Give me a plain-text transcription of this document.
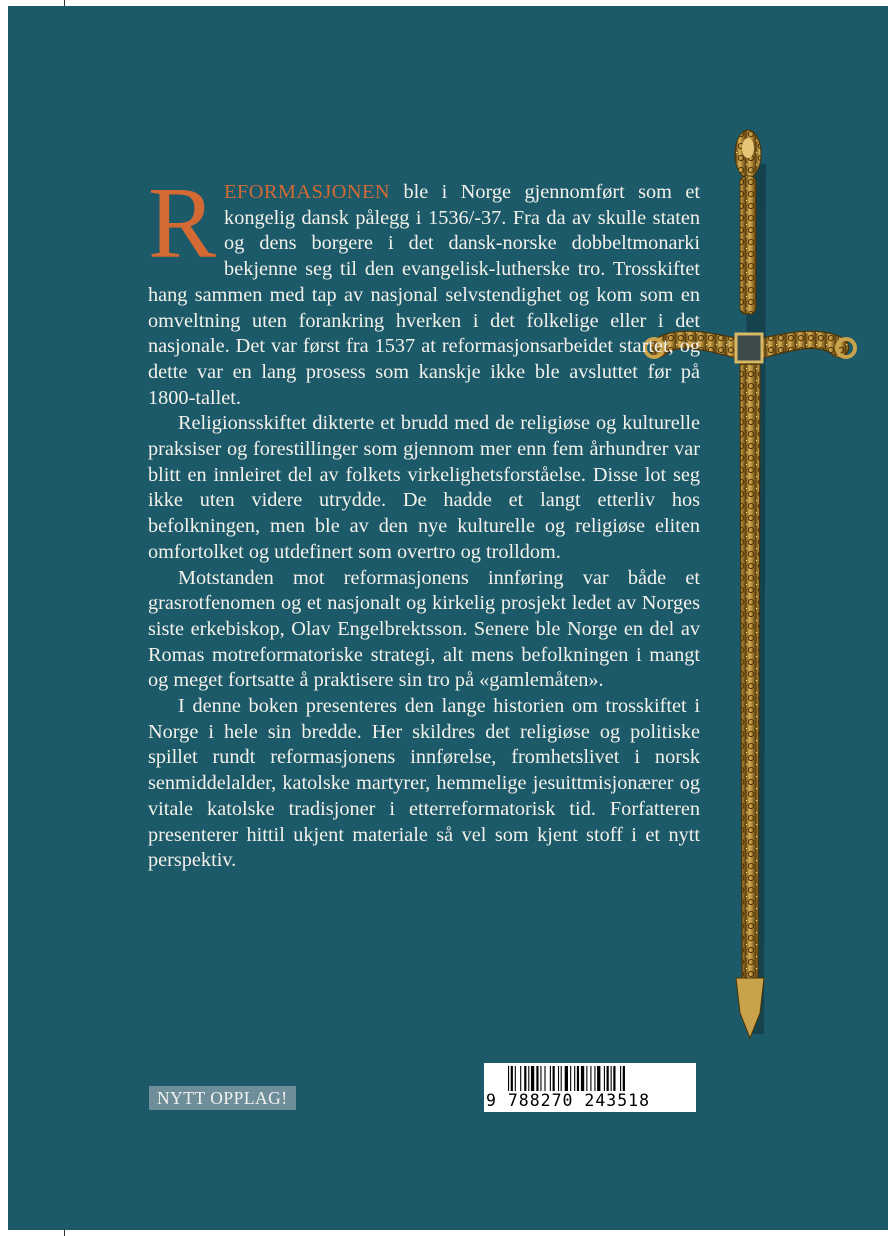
REFORMASJONEN ble i Norge gjennomført som et kongelig dansk pålegg i 1536/-37. Fra da av skulle staten og dens borgere i det dansk-norske dobbeltmonarki bekjenne seg til den evangelisk-lutherske tro. Trosskiftet hang sammen med tap av nasjonal selvstendighet og kom som en omveltning uten forankring hverken i det folkelige eller i det nasjonale. Det var først fra 1537 at reformasjonsarbeidet startet, og dette var en lang prosess som kanskje ikke ble avsluttet før på 1800-tallet.

Religionsskiftet dikterte et brudd med de religiøse og kulturelle praksiser og forestillinger som gjennom mer enn fem århundrer var blitt en innleiret del av folkets virkelighetsforståelse. Disse lot seg ikke uten videre utrydde. De hadde et langt etterliv hos befolkningen, men ble av den nye kulturelle og religiøse eliten omfortolket og utdefinert som overtro og trolldom.

Motstanden mot reformasjonens innføring var både et grasrotfenomen og et nasjonalt og kirkelig prosjekt ledet av Norges siste erkebiskop, Olav Engelbrektsson. Senere ble Norge en del av Romas motreformatoriske strategi, alt mens befolkningen i mangt og meget fortsatte å praktisere sin tro på «gamlemåten».

I denne boken presenteres den lange historien om trosskiftet i Norge i hele sin bredde. Her skildres det religiøse og politiske spillet rundt reformasjonens innførelse, fromhetslivet i norsk senmiddelalder, katolske martyrer, hemmelige jesuittmisjonærer og vitale katolske tradisjoner i etterreformatorisk tid. Forfatteren presenterer hittil ukjent materiale så vel som kjent stoff i et nytt perspektiv.

NYTT OPPLAG!	9 788270 243518
